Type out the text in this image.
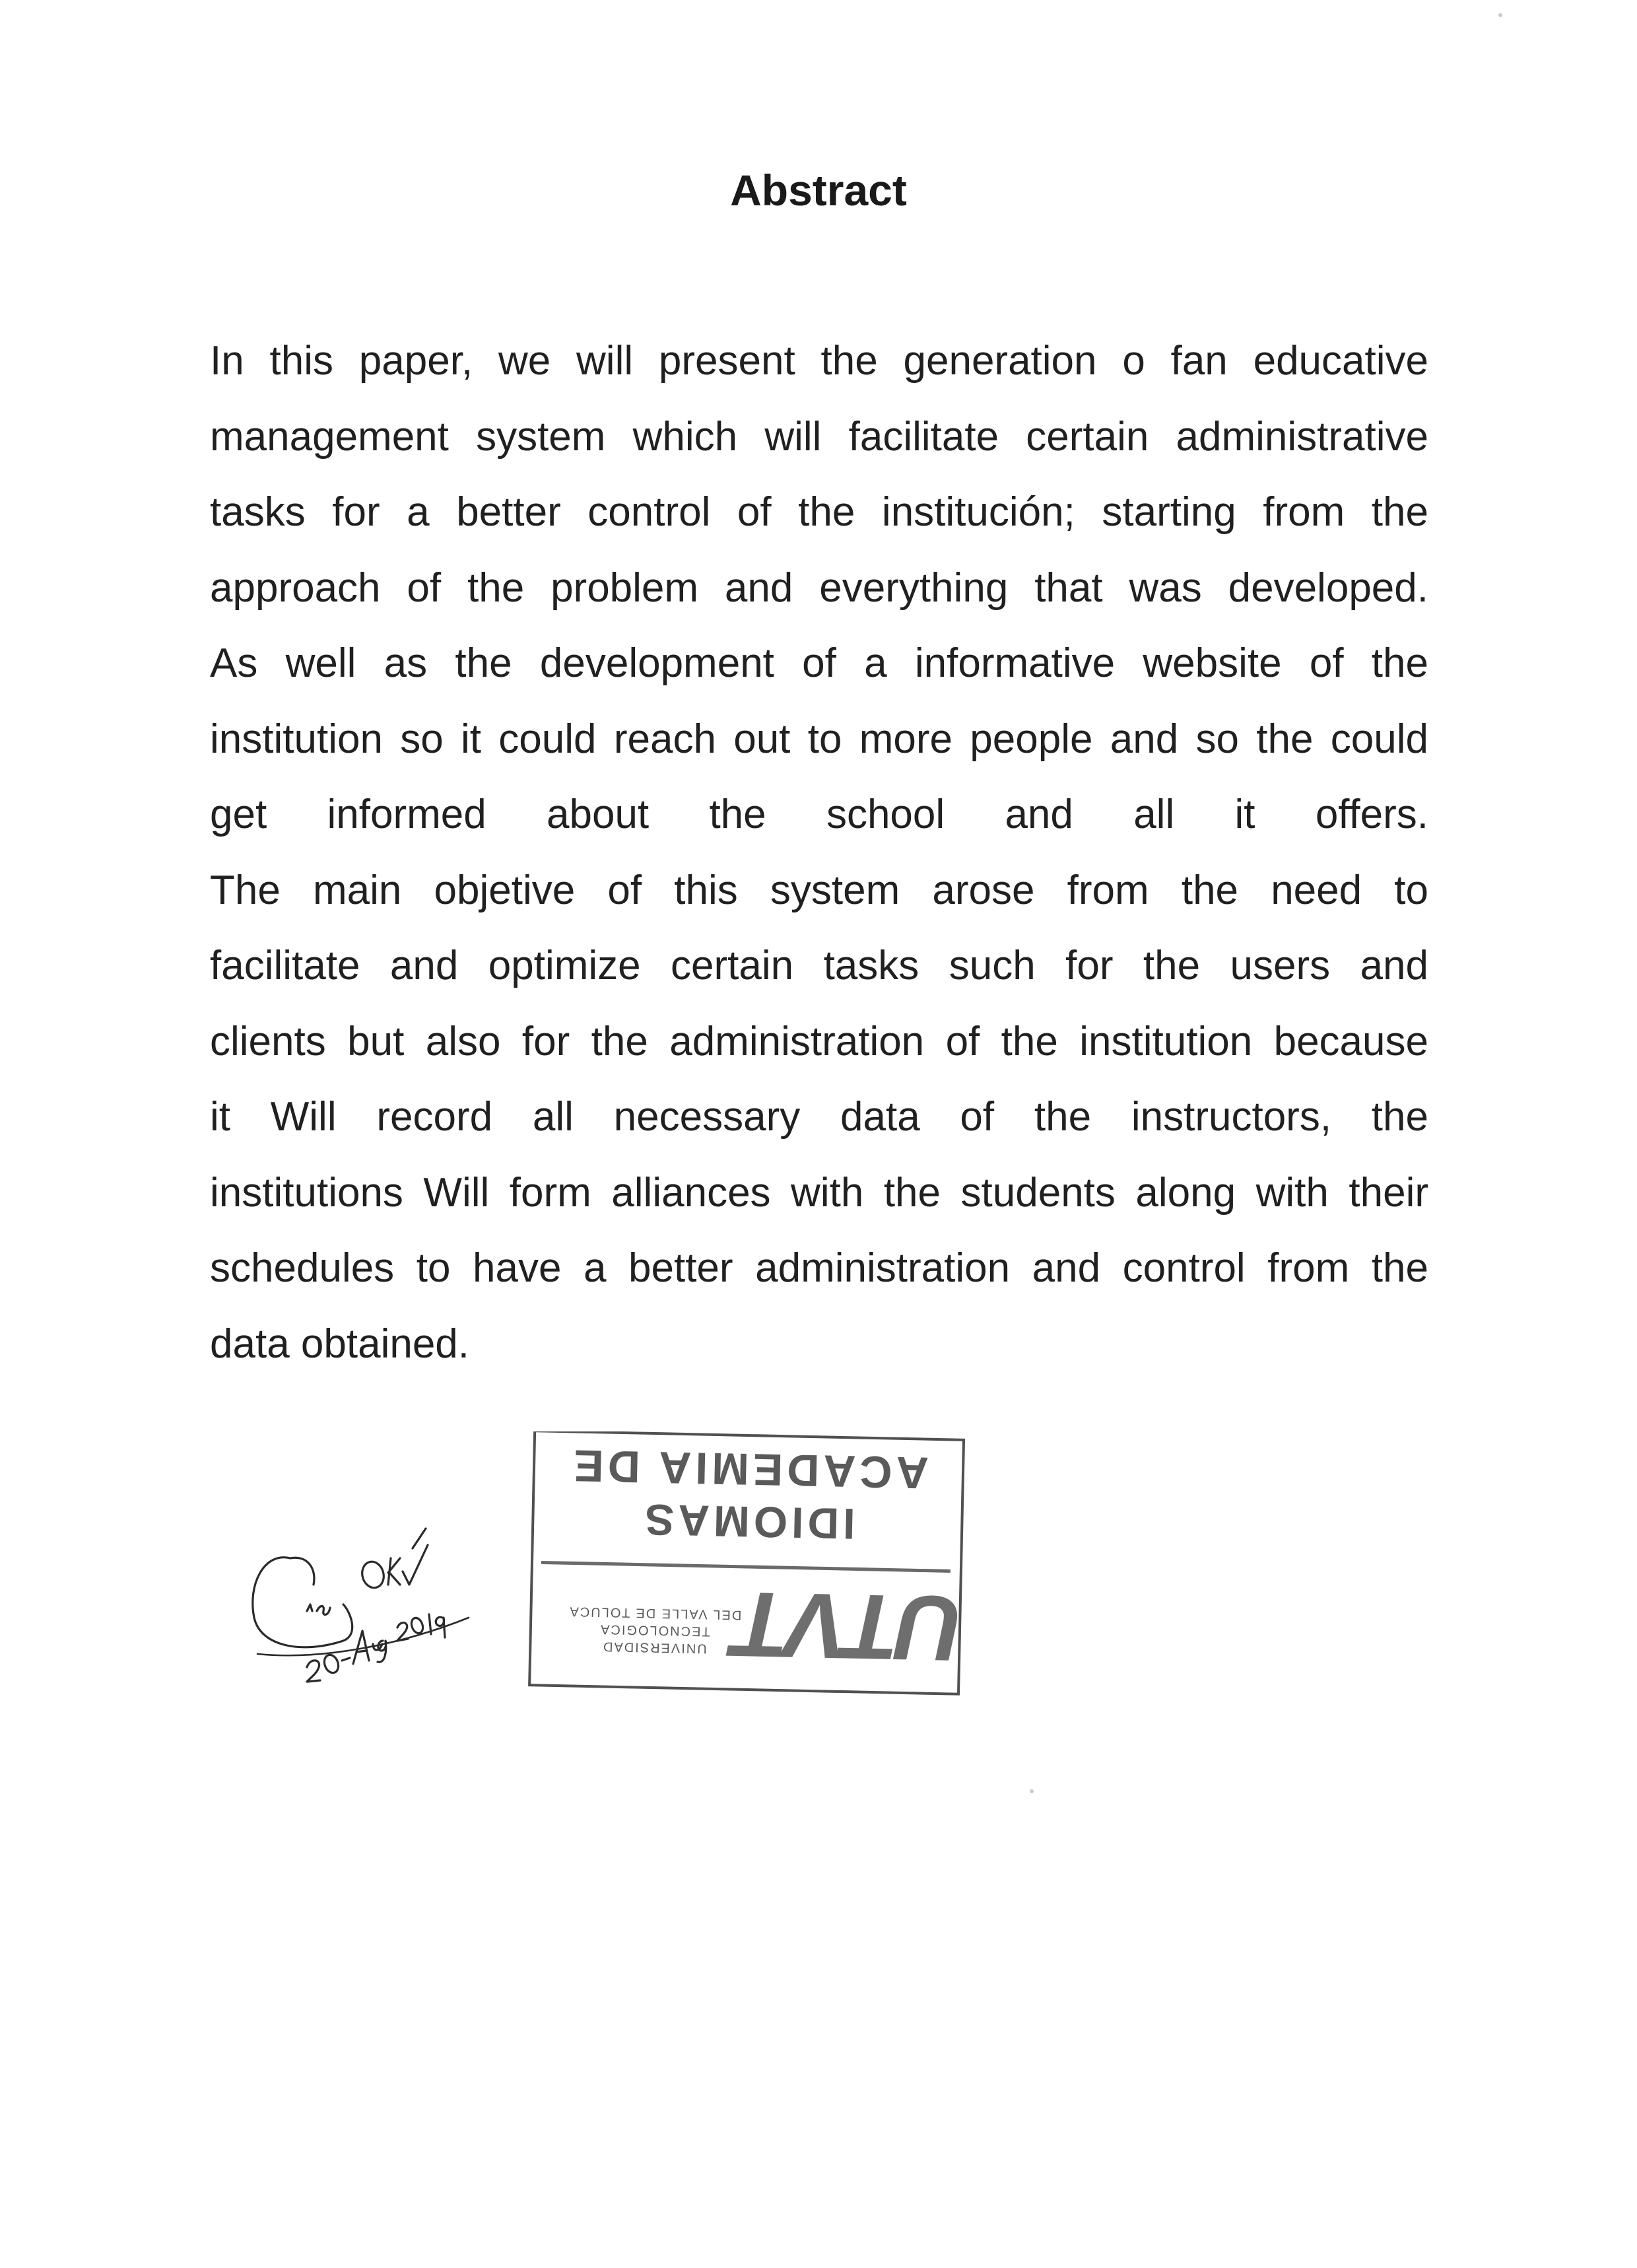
Abstract
In this paper, we will present the generation o fan educative
management system which will facilitate certain administrative
tasks for a better control of the institución; starting from the
approach of the problem and everything that was developed.
As well as the development of a informative website of the
institution so it could reach out to more people and so the could
get informed about the school and all it offers.
The main objetive of this system arose from the need to
facilitate and optimize certain tasks such for the users and
clients but also for the administration of the institution because
it Will record all necessary data of the instructors, the
institutions Will form alliances with the students along with their
schedules to have a better administration and control from the
data obtained.
IDIOMAS
ACADEMIA DE
UNIVERSIDAD
TECNOLOGICA
DEL VALLE DE TOLUCA
UTVT
